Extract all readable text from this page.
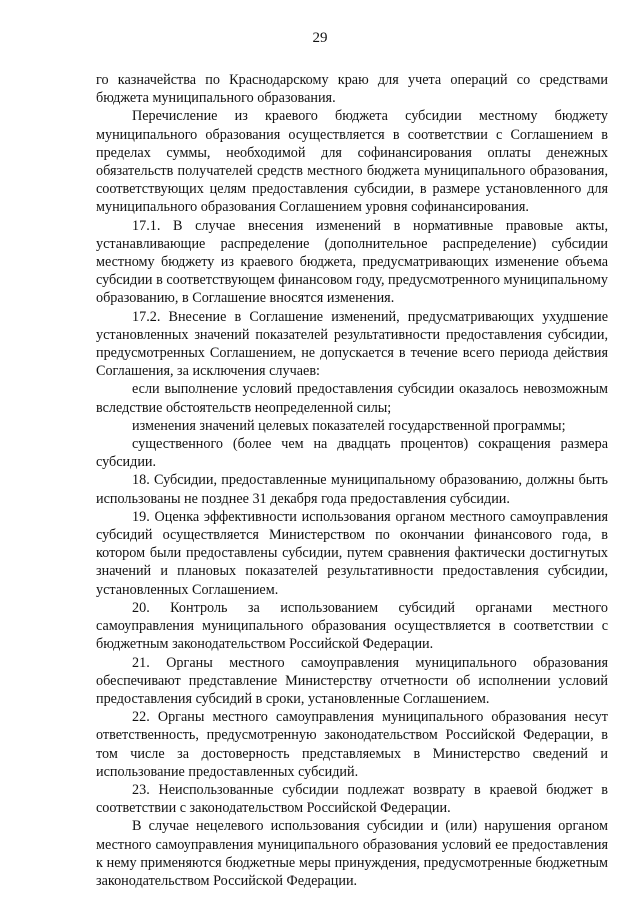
29

го казначейства по Краснодарскому краю для учета операций со средствами бюджета муниципального образования.

Перечисление из краевого бюджета субсидии местному бюджету муниципального образования осуществляется в соответствии с Соглашением в пределах суммы, необходимой для софинансирования оплаты денежных обязательств получателей средств местного бюджета муниципального образования, соответствующих целям предоставления субсидии, в размере установленного для муниципального образования Соглашением уровня софинансирования.

17.1. В случае внесения изменений в нормативные правовые акты, устанавливающие распределение (дополнительное распределение) субсидии местному бюджету из краевого бюджета, предусматривающих изменение объема субсидии в соответствующем финансовом году, предусмотренного муниципальному образованию, в Соглашение вносятся изменения.

17.2. Внесение в Соглашение изменений, предусматривающих ухудшение установленных значений показателей результативности предоставления субсидии, предусмотренных Соглашением, не допускается в течение всего периода действия Соглашения, за исключения случаев:

если выполнение условий предоставления субсидии оказалось невозможным вследствие обстоятельств неопределенной силы;

изменения значений целевых показателей государственной программы;

существенного (более чем на двадцать процентов) сокращения размера субсидии.

18. Субсидии, предоставленные муниципальному образованию, должны быть использованы не позднее 31 декабря года предоставления субсидии.

19. Оценка эффективности использования органом местного самоуправления субсидий осуществляется Министерством по окончании финансового года, в котором были предоставлены субсидии, путем сравнения фактически достигнутых значений и плановых показателей результативности предоставления субсидии, установленных Соглашением.

20. Контроль за использованием субсидий органами местного самоуправления муниципального образования осуществляется в соответствии с бюджетным законодательством Российской Федерации.

21. Органы местного самоуправления муниципального образования обеспечивают представление Министерству отчетности об исполнении условий предоставления субсидий в сроки, установленные Соглашением.

22. Органы местного самоуправления муниципального образования несут ответственность, предусмотренную законодательством Российской Федерации, в том числе за достоверность представляемых в Министерство сведений и использование предоставленных субсидий.

23. Неиспользованные субсидии подлежат возврату в краевой бюджет в соответствии с законодательством Российской Федерации.

В случае нецелевого использования субсидии и (или) нарушения органом местного самоуправления муниципального образования условий ее предоставления к нему применяются бюджетные меры принуждения, предусмотренные бюджетным законодательством Российской Федерации.
